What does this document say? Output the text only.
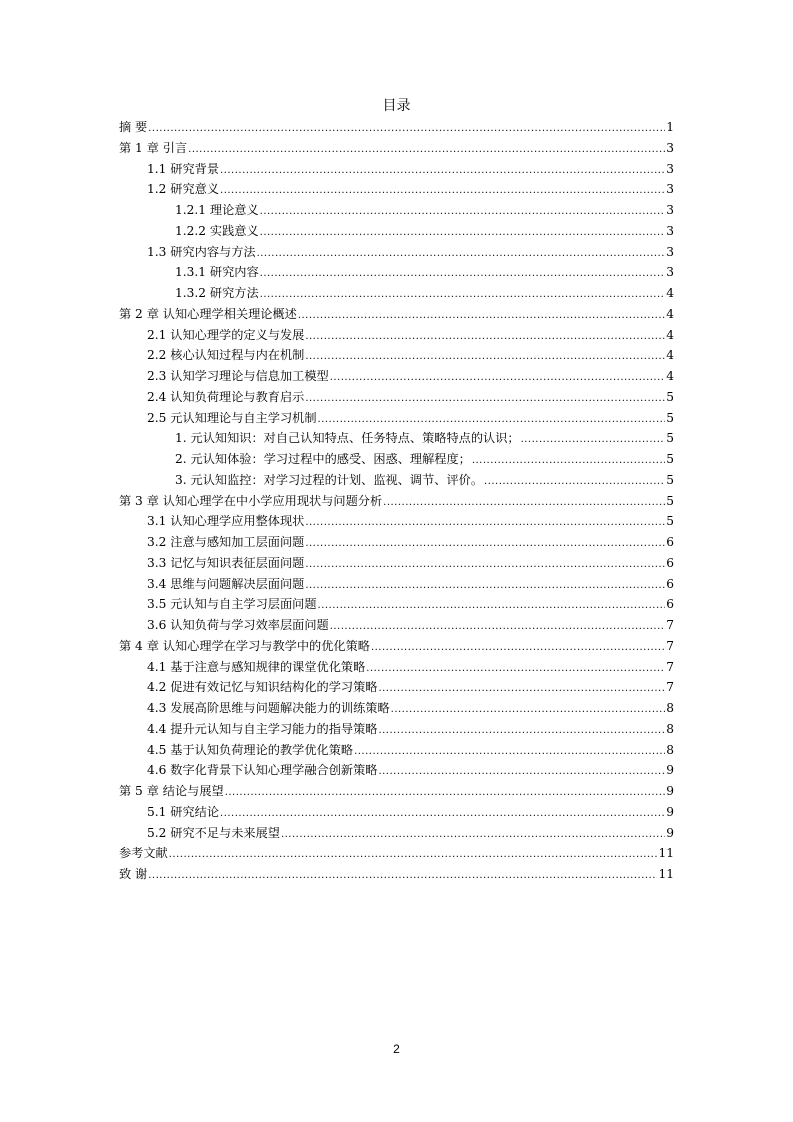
目录
摘 要 .....	1
第 1 章 引言 .....	3
1.1 研究背景 .....	3
1.2 研究意义 .....	3
1.2.1 理论意义 .....	3
1.2.2 实践意义 .....	3
1.3 研究内容与方法 .....	3
1.3.1 研究内容 .....	3
1.3.2 研究方法 .....	4
第 2 章 认知心理学相关理论概述 .....	4
2.1 认知心理学的定义与发展 .....	4
2.2 核心认知过程与内在机制 .....	4
2.3 认知学习理论与信息加工模型 .....	4
2.4 认知负荷理论与教育启示 .....	5
2.5 元认知理论与自主学习机制 .....	5
1. 元认知知识：对自己认知特点、任务特点、策略特点的认识； .....	5
2. 元认知体验：学习过程中的感受、困惑、理解程度； .....	5
3. 元认知监控：对学习过程的计划、监视、调节、评价。 .....	5
第 3 章 认知心理学在中小学应用现状与问题分析 .....	5
3.1 认知心理学应用整体现状 .....	5
3.2 注意与感知加工层面问题 .....	6
3.3 记忆与知识表征层面问题 .....	6
3.4 思维与问题解决层面问题 .....	6
3.5 元认知与自主学习层面问题 .....	6
3.6 认知负荷与学习效率层面问题 .....	7
第 4 章 认知心理学在学习与教学中的优化策略 .....	7
4.1 基于注意与感知规律的课堂优化策略 .....	7
4.2 促进有效记忆与知识结构化的学习策略 .....	7
4.3 发展高阶思维与问题解决能力的训练策略 .....	8
4.4 提升元认知与自主学习能力的指导策略 .....	8
4.5 基于认知负荷理论的教学优化策略 .....	8
4.6 数字化背景下认知心理学融合创新策略 .....	9
第 5 章 结论与展望 .....	9
5.1 研究结论 .....	9
5.2 研究不足与未来展望 .....	9
参考文献 .....	11
致 谢 .....	11
2
